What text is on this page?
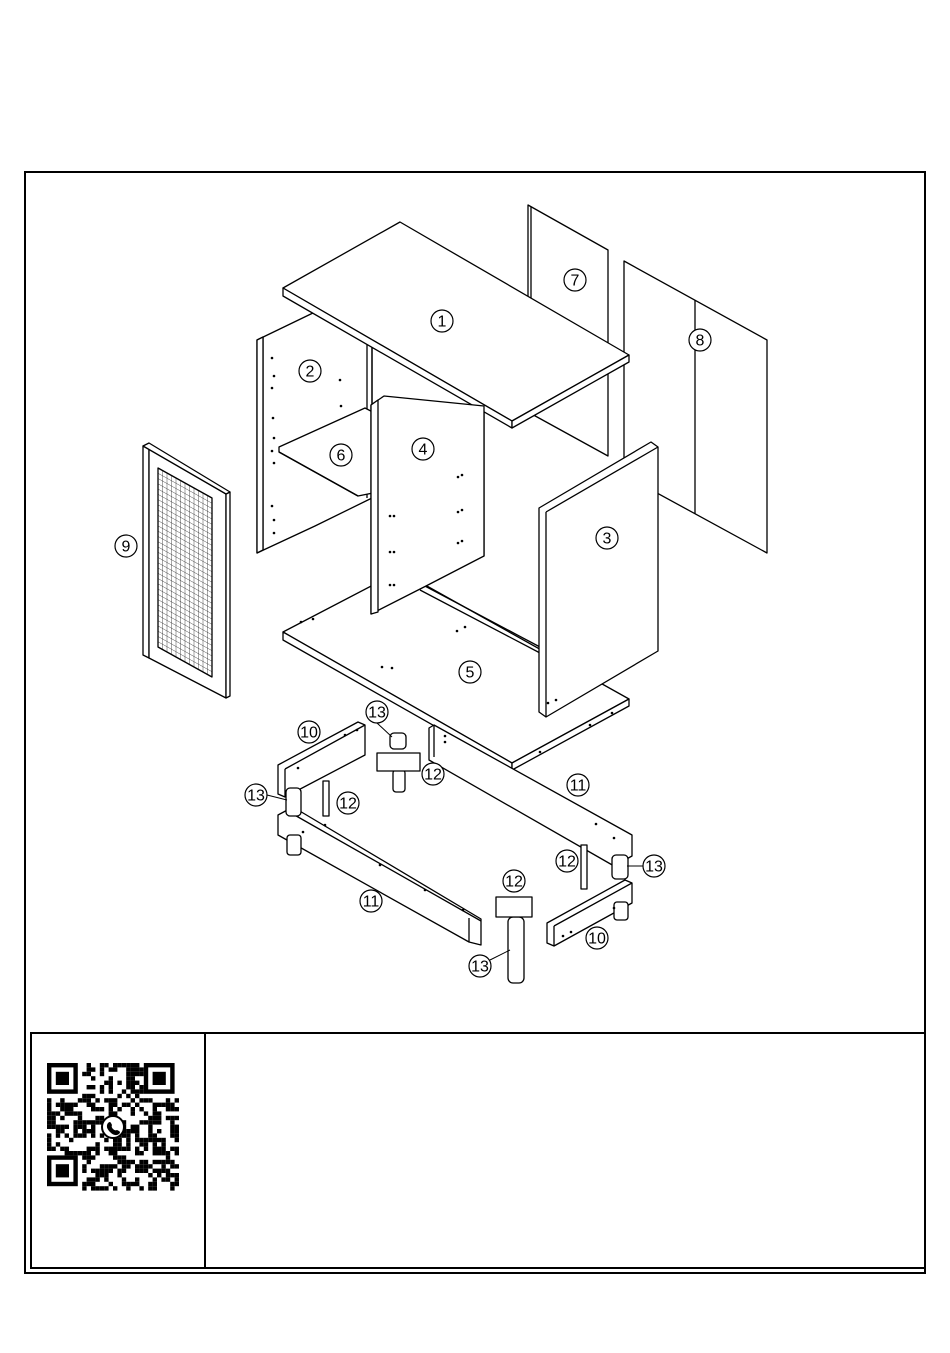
1
2
3
4
5
6
7
8
9
10
10
11
11
12
12
12
12
13
13
13
13
